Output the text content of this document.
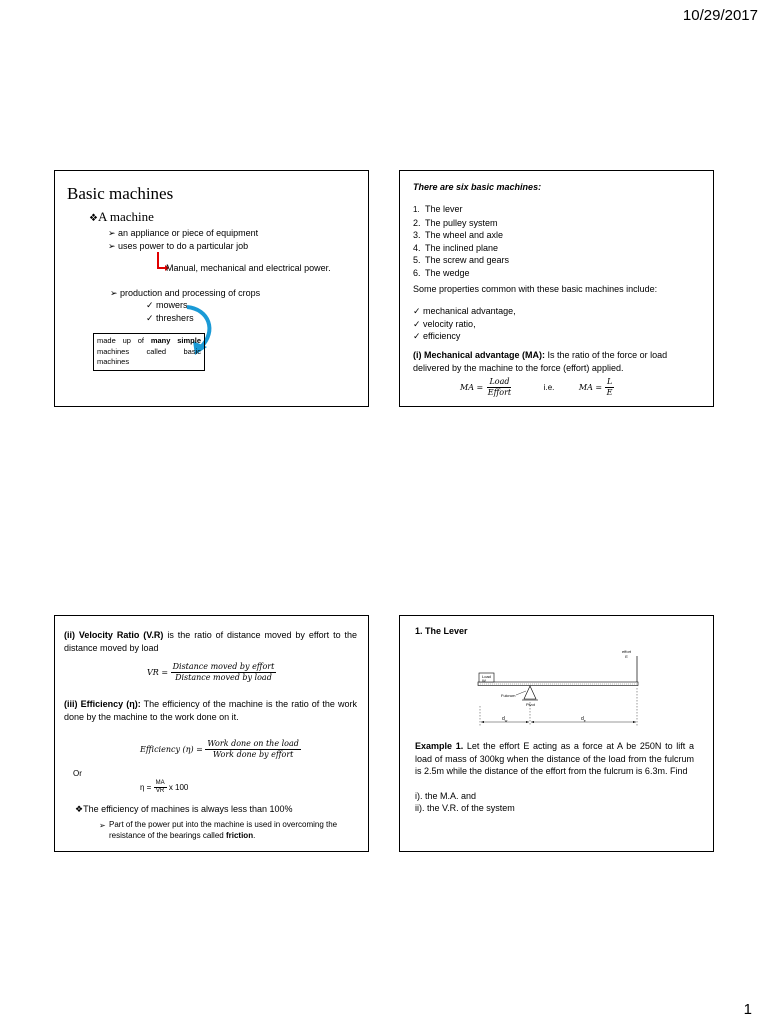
10/29/2017
Basic machines
❖A machine
➢ an appliance or piece of equipment
➢ uses power to do a particular job
Manual, mechanical and electrical power.
➢ production and processing of crops
✓ mowers
✓ threshers
made up of many simple machines called basic machines
There are six basic machines:
1. The lever
2. The pulley system
3. The wheel and axle
4. The inclined plane
5. The screw and gears
6. The wedge
Some properties common with these basic machines include:
✓ mechanical advantage,
✓ velocity ratio,
✓ efficiency
(i) Mechanical advantage (MA): Is the ratio of the force or load delivered by the machine to the force (effort) applied.
MA = $\frac{\text{Load}}{\text{Effort}}$	i.e.	MA = $\frac{L}{E}$
(ii) Velocity Ratio (V.R) is the ratio of distance moved by effort to the distance moved by load
VR = $\frac{\text{Distance moved by effort}}{\text{Distance moved by load}}$
(iii) Efficiency (η): The efficiency of the machine is the ratio of the work done by the machine to the work done on it.
Efficiency $(\eta) = \frac{\text{Work done on the load}}{\text{Work done by effort}}$
Or
$\eta = \frac{MA}{VR}$ x 100
❖The efficiency of machines is always less than 100%
➢ Part of the power put into the machine is used in overcoming the resistance of the bearings called friction.
1. The Lever
Load
W
effort
E
Fulcrum
Pivot
$d_w$	$d_e$
Example 1. Let the effort E acting as a force at A be 250N to lift a load of mass of 300kg when the distance of the load from the fulcrum is 2.5m while the distance of the effort from the fulcrum is 6.3m. Find
i). the M.A. and
ii). the V.R. of the system
1
